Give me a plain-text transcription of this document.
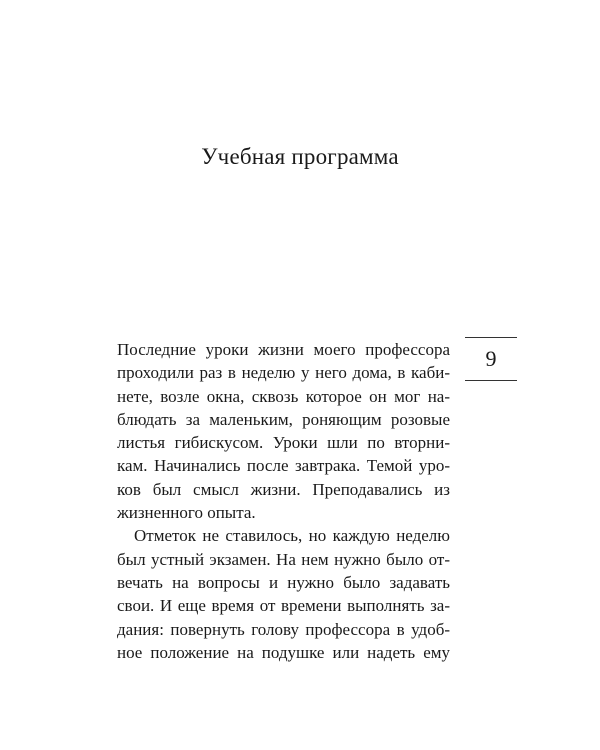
Учебная программа
9
Последние уроки жизни моего профессора
проходили раз в неделю у него дома, в каби-
нете, возле окна, сквозь которое он мог на-
блюдать за маленьким, роняющим розовые
листья гибискусом. Уроки шли по вторни-
кам. Начинались после завтрака. Темой уро-
ков был смысл жизни. Преподавались из
жизненного опыта.
Отметок не ставилось, но каждую неделю
был устный экзамен. На нем нужно было от-
вечать на вопросы и нужно было задавать
свои. И еще время от времени выполнять за-
дания: повернуть голову профессора в удоб-
ное положение на подушке или надеть ему
